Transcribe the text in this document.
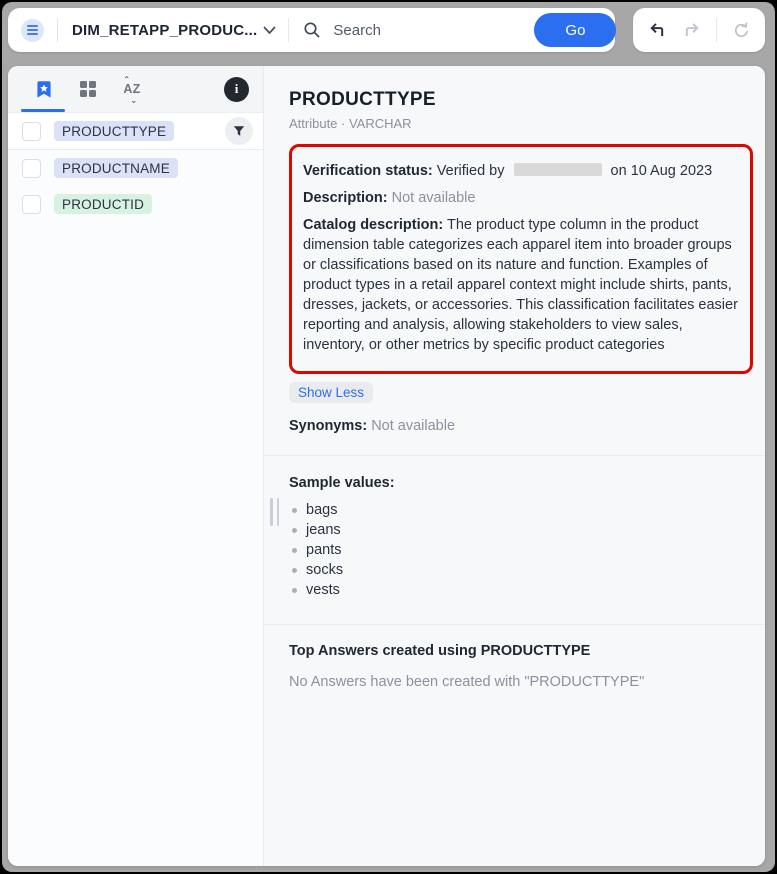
DIM_RETAPP_PRODUC...
Search	Go
AZ
⌃
⌄
i
PRODUCTTYPE
PRODUCTNAME
PRODUCTID
PRODUCTTYPE
Attribute · VARCHAR

Verification status: Verified by	on 10 Aug 2023

Description: Not available

Catalog description: The product type column in the product dimension table categorizes each apparel item into broader groups or classifications based on its nature and function. Examples of product types in a retail apparel context might include shirts, pants, dresses, jackets, or accessories. This classification facilitates easier reporting and analysis, allowing stakeholders to view sales, inventory, or other metrics by specific product categories

Show Less

Synonyms: Not available

Sample values:
bags
jeans
pants
socks
vests
Top Answers created using PRODUCTTYPE
No Answers have been created with "PRODUCTTYPE"
